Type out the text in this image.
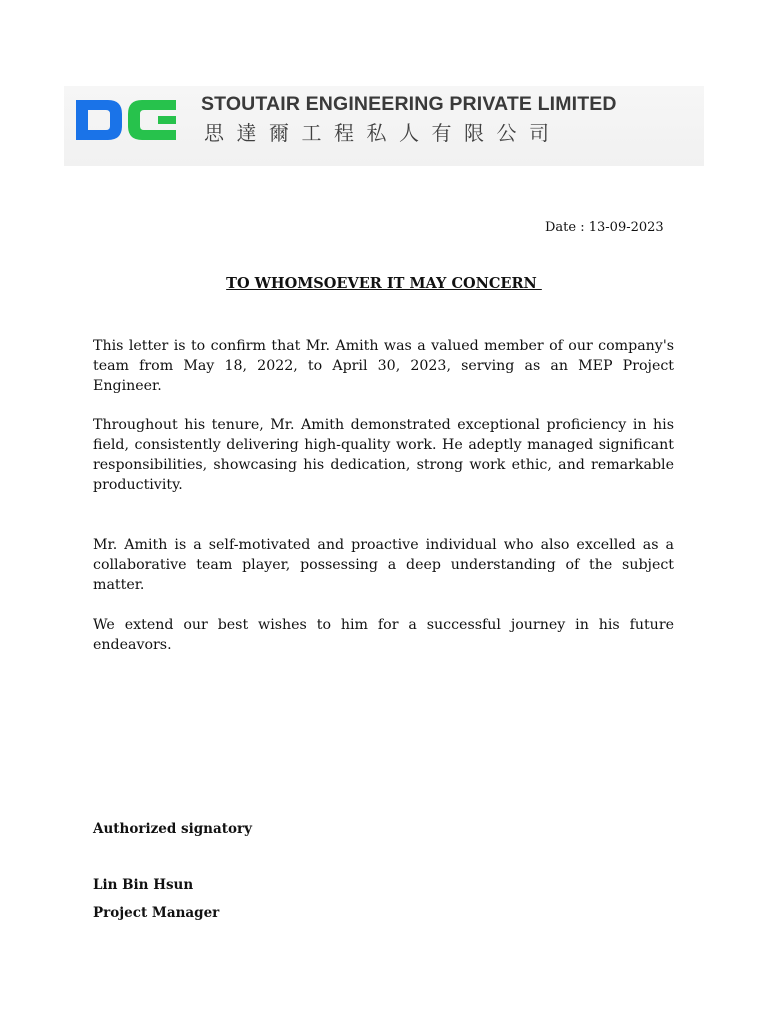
STOUTAIR ENGINEERING PRIVATE LIMITED
思達爾工程私人有限公司
Date : 13-09-2023
TO WHOMSOEVER IT MAY CONCERN

This letter is to confirm that Mr. Amith was a valued member of our company's team from May 18, 2022, to April 30, 2023, serving as an MEP Project Engineer.

Throughout his tenure, Mr. Amith demonstrated exceptional proficiency in his field, consistently delivering high-quality work. He adeptly managed significant responsibilities, showcasing his dedication, strong work ethic, and remarkable productivity.

Mr. Amith is a self-motivated and proactive individual who also excelled as a collaborative team player, possessing a deep understanding of the subject matter.

We extend our best wishes to him for a successful journey in his future endeavors.

Authorized signatory
Lin Bin Hsun
Project Manager
